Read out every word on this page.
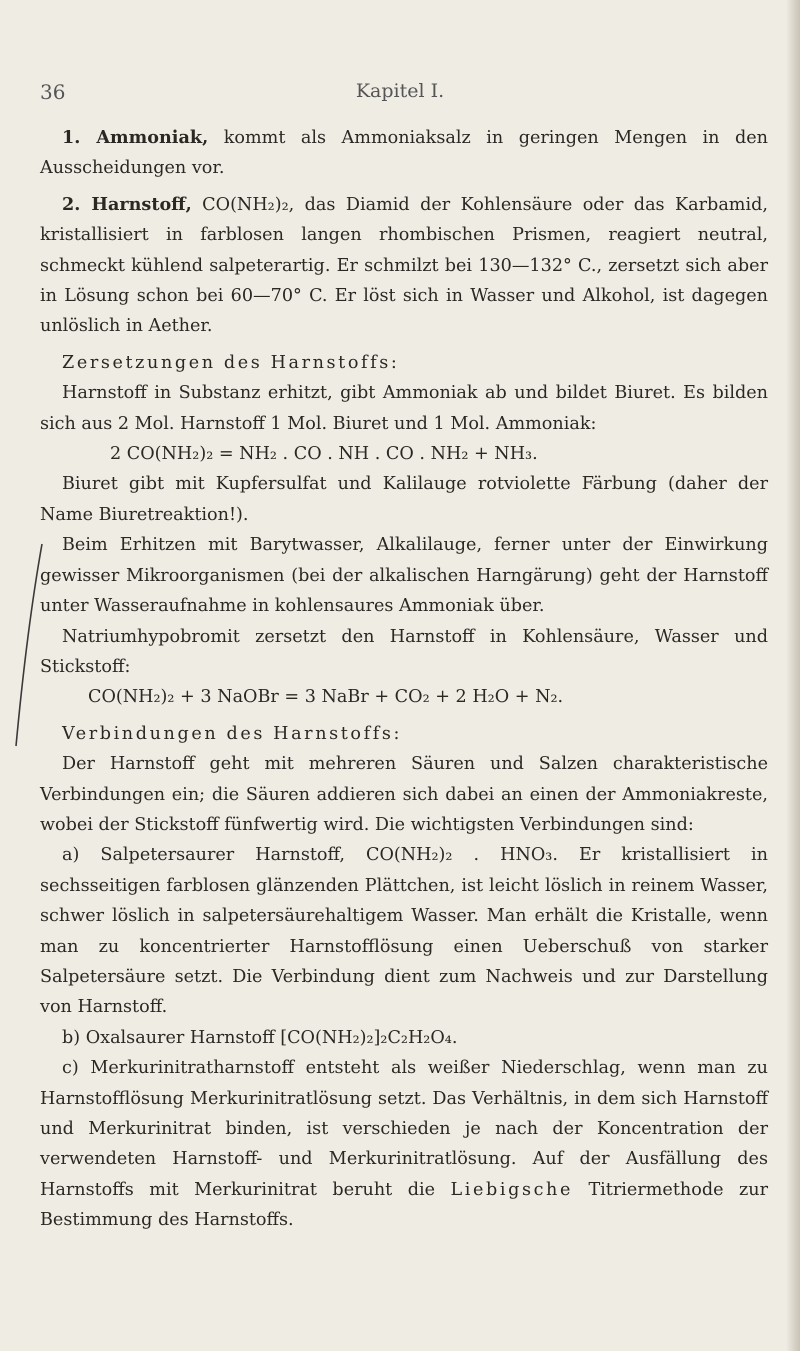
36	Kapitel I.

1. Ammoniak, kommt als Ammoniaksalz in geringen Mengen in den Ausscheidungen vor.

2. Harnstoff, CO(NH₂)₂, das Diamid der Kohlensäure oder das Karbamid, kristallisiert in farblosen langen rhombischen Prismen, reagiert neutral, schmeckt kühlend salpeterartig. Er schmilzt bei 130—132° C., zersetzt sich aber in Lösung schon bei 60—70° C. Er löst sich in Wasser und Alkohol, ist dagegen unlöslich in Aether.

Zersetzungen des Harnstoffs:

Harnstoff in Substanz erhitzt, gibt Ammoniak ab und bildet Biuret. Es bilden sich aus 2 Mol. Harnstoff 1 Mol. Biuret und 1 Mol. Ammoniak:

2 CO(NH₂)₂ = NH₂ . CO . NH . CO . NH₂ + NH₃.

Biuret gibt mit Kupfersulfat und Kalilauge rotviolette Färbung (daher der Name Biuretreaktion!).

Beim Erhitzen mit Barytwasser, Alkalilauge, ferner unter der Einwirkung gewisser Mikroorganismen (bei der alkalischen Harngärung) geht der Harnstoff unter Wasseraufnahme in kohlensaures Ammoniak über.

Natriumhypobromit zersetzt den Harnstoff in Kohlensäure, Wasser und Stickstoff:

CO(NH₂)₂ + 3 NaOBr = 3 NaBr + CO₂ + 2 H₂O + N₂.

Verbindungen des Harnstoffs:

Der Harnstoff geht mit mehreren Säuren und Salzen charakteristische Verbindungen ein; die Säuren addieren sich dabei an einen der Ammoniakreste, wobei der Stickstoff fünfwertig wird. Die wichtigsten Verbindungen sind:

a) Salpetersaurer Harnstoff, CO(NH₂)₂ . HNO₃. Er kristallisiert in sechsseitigen farblosen glänzenden Plättchen, ist leicht löslich in reinem Wasser, schwer löslich in salpetersäurehaltigem Wasser. Man erhält die Kristalle, wenn man zu koncentrierter Harnstofflösung einen Ueberschuß von starker Salpetersäure setzt. Die Verbindung dient zum Nachweis und zur Darstellung von Harnstoff.

b) Oxalsaurer Harnstoff [CO(NH₂)₂]₂C₂H₂O₄.

c) Merkurinitratharnstoff entsteht als weißer Niederschlag, wenn man zu Harnstofflösung Merkurinitratlösung setzt. Das Verhältnis, in dem sich Harnstoff und Merkurinitrat binden, ist verschieden je nach der Koncentration der verwendeten Harnstoff- und Merkurinitratlösung. Auf der Ausfällung des Harnstoffs mit Merkurinitrat beruht die Liebigsche Titriermethode zur Bestimmung des Harnstoffs.
